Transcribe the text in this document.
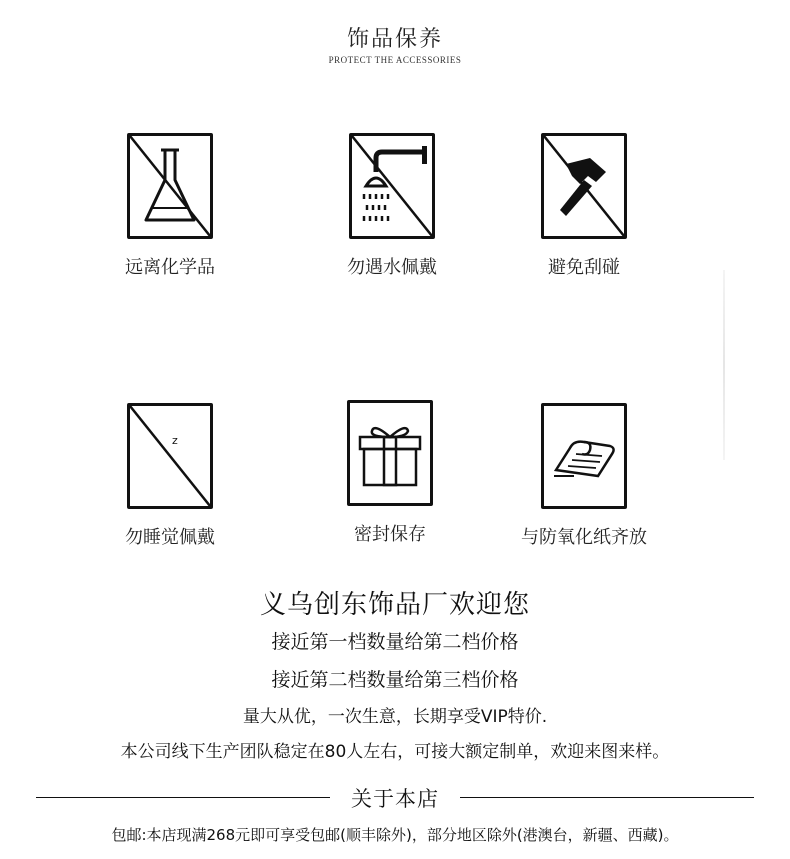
饰品保养
PROTECT THE ACCESSORIES
远离化学品	勿遇水佩戴	避免刮碰
z
勿睡觉佩戴	密封保存	与防氧化纸齐放
义乌创东饰品厂欢迎您
接近第一档数量给第二档价格
接近第二档数量给第三档价格
量大从优，一次生意，长期享受VIP特价.
本公司线下生产团队稳定在80人左右，可接大额定制单，欢迎来图来样。
关于本店
包邮:本店现满268元即可享受包邮(顺丰除外)，部分地区除外(港澳台，新疆、西藏)。
